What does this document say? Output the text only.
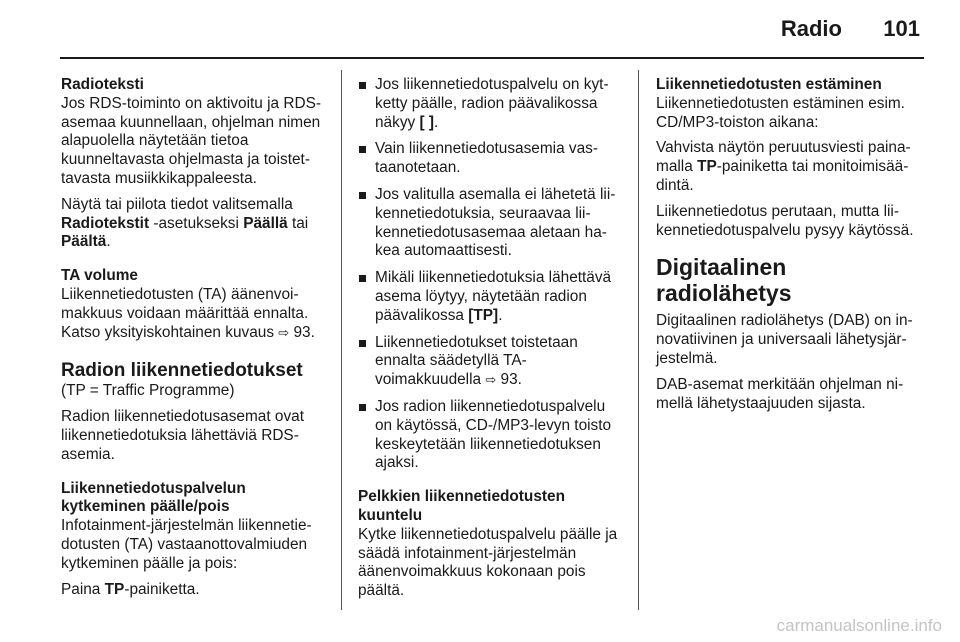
Radio 101

Radioteksti

Jos RDS-toiminto on aktivoitu ja RDS-asemaa kuunnellaan, ohjelman nimen alapuolella näytetään tietoa kuunneltavasta ohjelmasta ja toistettavasta musiikkikappaleesta.

Näytä tai piilota tiedot valitsemalla Radiotekstit -asetukseksi Päällä tai Päältä.

TA volume

Liikennetiedotusten (TA) äänenvoimakkuus voidaan määrittää ennalta. Katso yksityiskohtainen kuvaus ⇨ 93.

Radion liikennetiedotukset

(TP = Traffic Programme)

Radion liikennetiedotusasemat ovat liikennetiedotuksia lähettäviä RDS-asemia.

Liikennetiedotuspalvelun kytkeminen päälle/pois

Infotainment-järjestelmän liikennetiedotusten (TA) vastaanottovalmiuden kytkeminen päälle ja pois:

Paina TP-painiketta.

Jos liikennetiedotuspalvelu on kytketty päälle, radion päävalikossa näkyy [ ].
Vain liikennetiedotusasemia vastaanotetaan.
Jos valitulla asemalla ei lähetetä liikennetiedotuksia, seuraavaa liikennetiedotusasemaa aletaan hakea automaattisesti.
Mikäli liikennetiedotuksia lähettävä asema löytyy, näytetään radion päävalikossa [TP].
Liikennetiedotukset toistetaan ennalta säädetyllä TA-voimakkuudella ⇨ 93.
Jos radion liikennetiedotuspalvelu on käytössä, CD-/MP3-levyn toisto keskeytetään liikennetiedotuksen ajaksi.

Pelkkien liikennetiedotusten kuuntelu

Kytke liikennetiedotuspalvelu päälle ja säädä infotainment-järjestelmän äänenvoimakkuus kokonaan pois päältä.

Liikennetiedotusten estäminen

Liikennetiedotusten estäminen esim. CD/MP3-toiston aikana:

Vahvista näytön peruutusviesti painamalla TP-painiketta tai monitoimisäädintä.

Liikennetiedotus perutaan, mutta liikennetiedotuspalvelu pysyy käytössä.

Digitaalinen radiolähetys

Digitaalinen radiolähetys (DAB) on innovatiivinen ja universaali lähetysjärjestelmä.

DAB-asemat merkitään ohjelman nimellä lähetystaajuuden sijasta.

carmanualsonline.info
